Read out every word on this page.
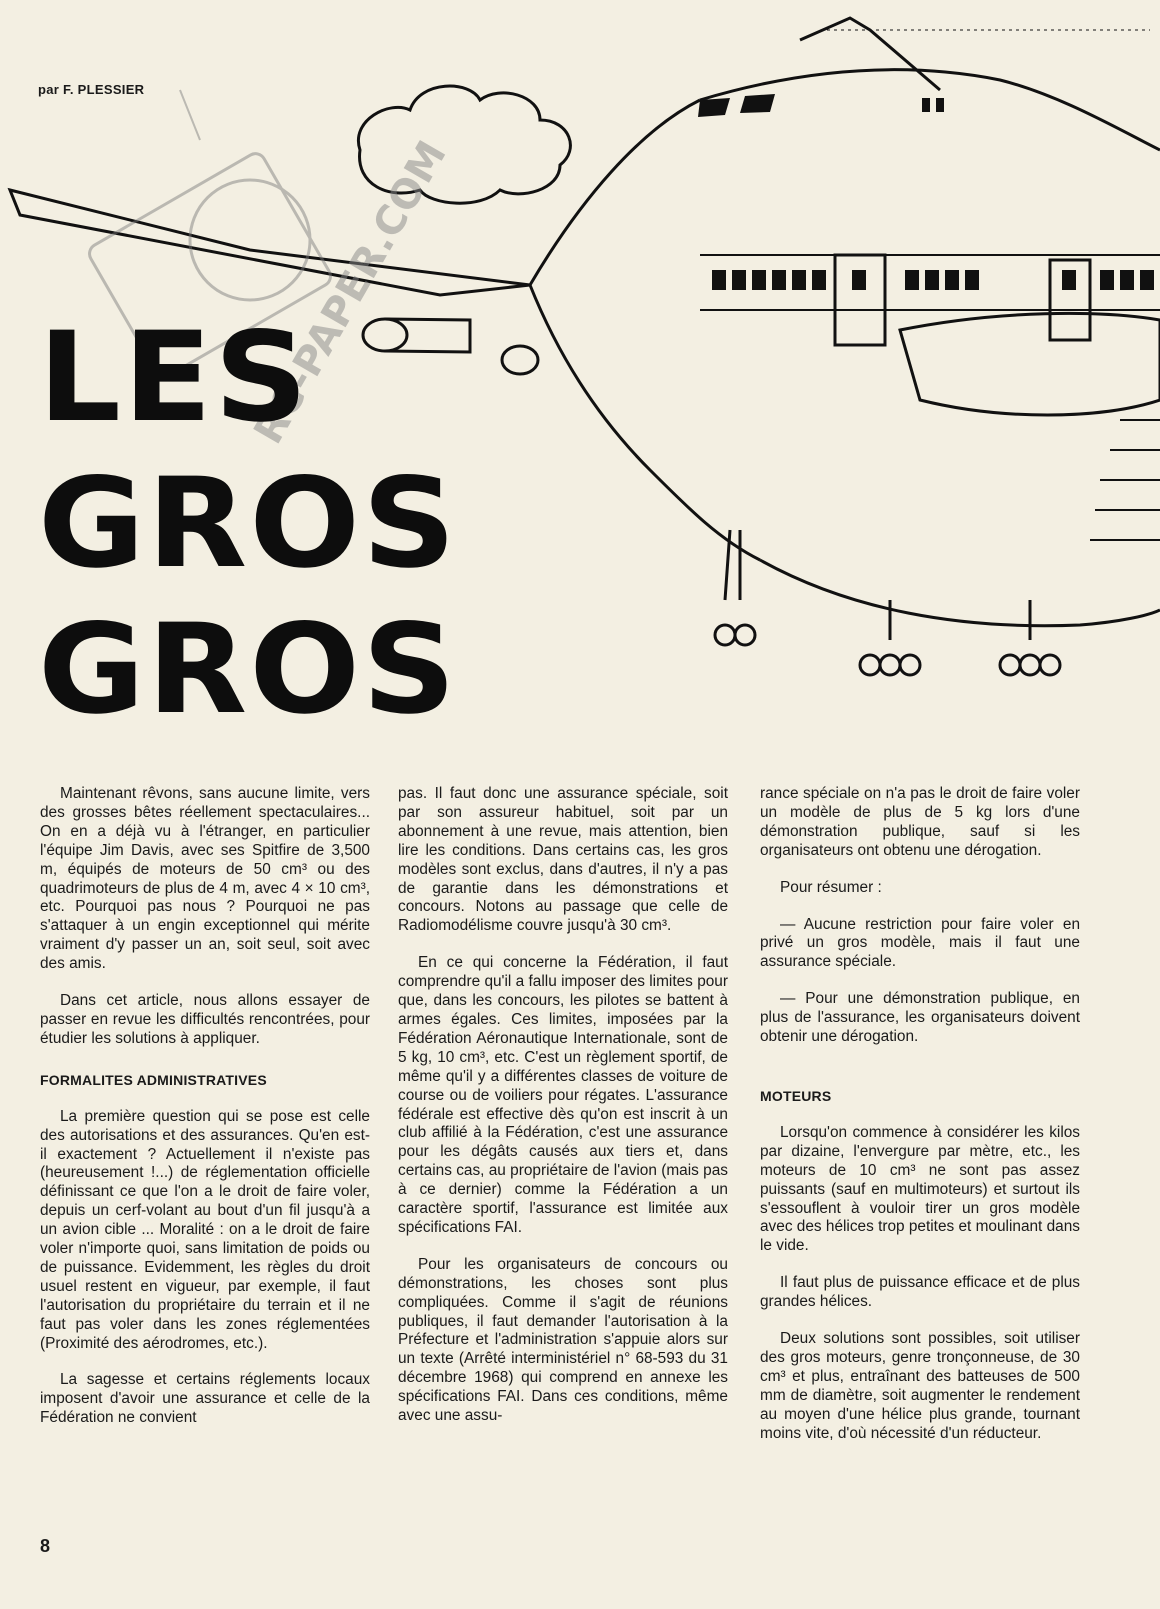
RC-PAPER.COM
par F. PLESSIER
LES
GROS
GROS

Maintenant rêvons, sans aucune limite, vers des grosses bêtes réellement spectaculaires... On en a déjà vu à l'étranger, en particulier l'équipe Jim Davis, avec ses Spitfire de 3,500 m, équipés de moteurs de 50 cm³ ou des quadrimoteurs de plus de 4 m, avec 4 × 10 cm³, etc. Pourquoi pas nous ? Pourquoi ne pas s'attaquer à un engin exceptionnel qui mérite vraiment d'y passer un an, soit seul, soit avec des amis.

Dans cet article, nous allons essayer de passer en revue les difficultés rencontrées, pour étudier les solutions à appliquer.

FORMALITES ADMINISTRATIVES

La première question qui se pose est celle des autorisations et des assurances. Qu'en est-il exactement ? Actuellement il n'existe pas (heureusement !...) de réglementation officielle définissant ce que l'on a le droit de faire voler, depuis un cerf-volant au bout d'un fil jusqu'à a un avion cible ... Moralité : on a le droit de faire voler n'importe quoi, sans limitation de poids ou de puissance. Evidemment, les règles du droit usuel restent en vigueur, par exemple, il faut l'autorisation du propriétaire du terrain et il ne faut pas voler dans les zones réglementées (Proximité des aérodromes, etc.).

La sagesse et certains réglements locaux imposent d'avoir une assurance et celle de la Fédération ne convient

pas. Il faut donc une assurance spéciale, soit par son assureur habituel, soit par un abonnement à une revue, mais attention, bien lire les conditions. Dans certains cas, les gros modèles sont exclus, dans d'autres, il n'y a pas de garantie dans les démonstrations et concours. Notons au passage que celle de Radiomodélisme couvre jusqu'à 30 cm³.

En ce qui concerne la Fédération, il faut comprendre qu'il a fallu imposer des limites pour que, dans les concours, les pilotes se battent à armes égales. Ces limites, imposées par la Fédération Aéronautique Internationale, sont de 5 kg, 10 cm³, etc. C'est un règlement sportif, de même qu'il y a différentes classes de voiture de course ou de voiliers pour régates. L'assurance fédérale est effective dès qu'on est inscrit à un club affilié à la Fédération, c'est une assurance pour les dégâts causés aux tiers et, dans certains cas, au propriétaire de l'avion (mais pas à ce dernier) comme la Fédération a un caractère sportif, l'assurance est limitée aux spécifications FAI.

Pour les organisateurs de concours ou démonstrations, les choses sont plus compliquées. Comme il s'agit de réunions publiques, il faut demander l'autorisation à la Préfecture et l'administration s'appuie alors sur un texte (Arrêté interministériel n° 68-593 du 31 décembre 1968) qui comprend en annexe les spécifications FAI. Dans ces conditions, même avec une assu-

rance spéciale on n'a pas le droit de faire voler un modèle de plus de 5 kg lors d'une démonstration publique, sauf si les organisateurs ont obtenu une dérogation.

Pour résumer :

— Aucune restriction pour faire voler en privé un gros modèle, mais il faut une assurance spéciale.

— Pour une démonstration publique, en plus de l'assurance, les organisateurs doivent obtenir une dérogation.

MOTEURS

Lorsqu'on commence à considérer les kilos par dizaine, l'envergure par mètre, etc., les moteurs de 10 cm³ ne sont pas assez puissants (sauf en multimoteurs) et surtout ils s'essouflent à vouloir tirer un gros modèle avec des hélices trop petites et moulinant dans le vide.

Il faut plus de puissance efficace et de plus grandes hélices.

Deux solutions sont possibles, soit utiliser des gros moteurs, genre tronçonneuse, de 30 cm³ et plus, entraînant des batteuses de 500 mm de diamètre, soit augmenter le rendement au moyen d'une hélice plus grande, tournant moins vite, d'où nécessité d'un réducteur.

8
